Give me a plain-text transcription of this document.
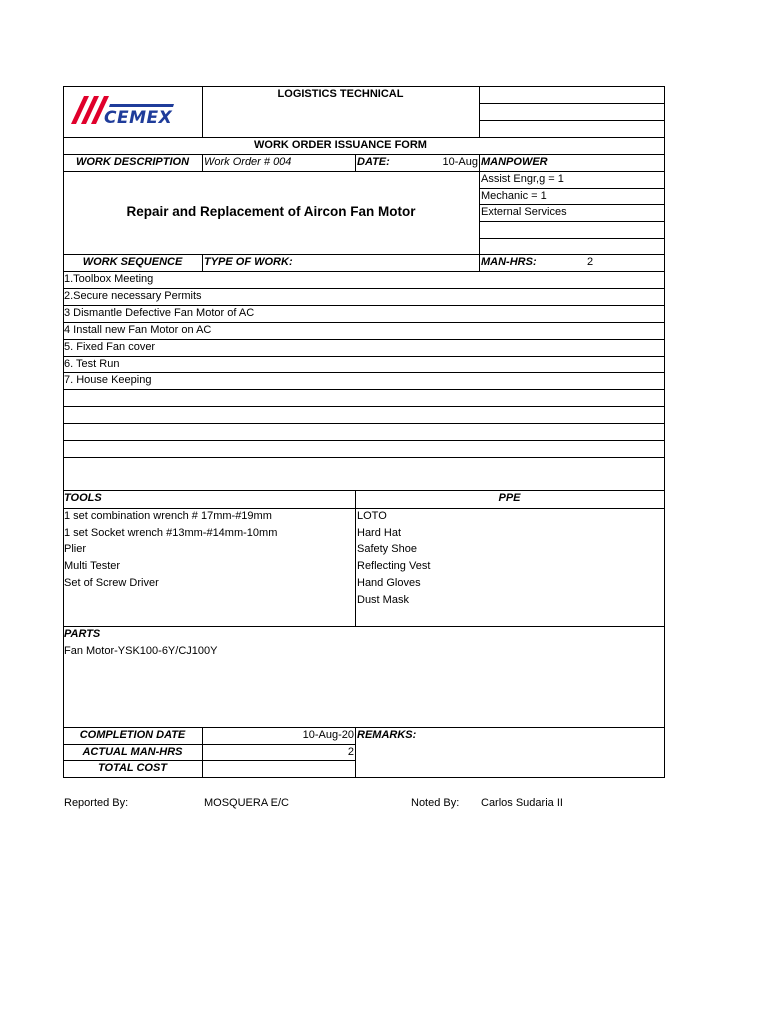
CEMEX
LOGISTICS TECHNICAL
WORK ORDER ISSUANCE FORM
WORK DESCRIPTION	Work Order # 004	DATE:	10-Aug MANPOWER
Repair and Replacement of Aircon Fan Motor
Assist Engr,g = 1
Mechanic = 1
External Services
WORK SEQUENCE	TYPE OF WORK:	MAN-HRS:	2
1.Toolbox Meeting
2.Secure necessary Permits
3 Dismantle Defective Fan Motor of AC
4 Install new Fan Motor on AC
5. Fixed Fan cover
6. Test Run
7. House Keeping
TOOLS	PPE
1 set combination wrench # 17mm-#19mm
1 set Socket wrench #13mm-#14mm-10mm
Plier
Multi Tester
Set of Screw Driver
LOTO
Hard Hat
Safety Shoe
Reflecting Vest
Hand Gloves
Dust Mask
PARTS
Fan Motor-YSK100-6Y/CJ100Y
COMPLETION DATE	10-Aug-20 REMARKS:
ACTUAL MAN-HRS	2
TOTAL COST
Reported By:	MOSQUERA E/C	Noted By: Carlos Sudaria II
